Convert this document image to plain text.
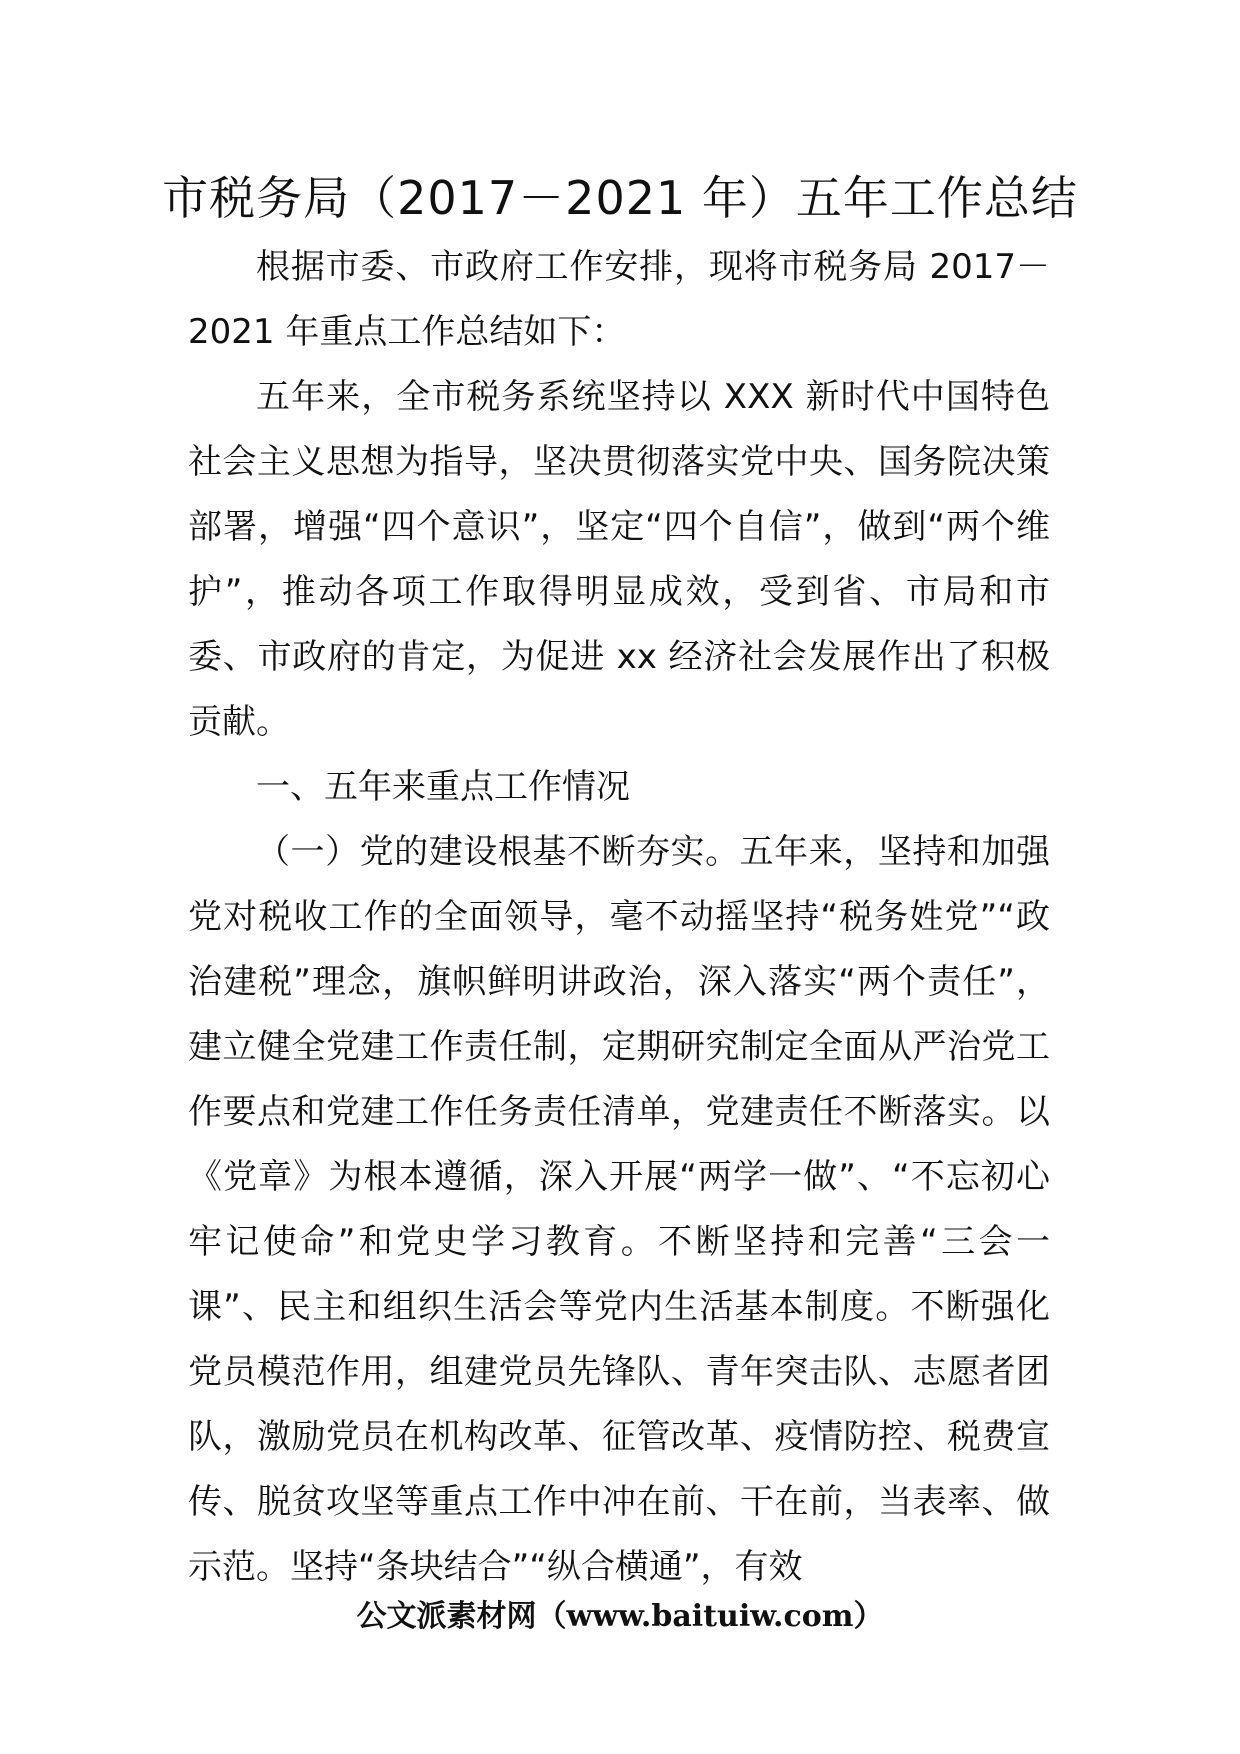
市税务局（2017－2021 年）五年工作总结

根据市委、市政府工作安排，现将市税务局 2017－2021 年重点工作总结如下：

五年来，全市税务系统坚持以 XXX 新时代中国特色社会主义思想为指导，坚决贯彻落实党中央、国务院决策部署，增强“四个意识”，坚定“四个自信”，做到“两个维护”，推动各项工作取得明显成效，受到省、市局和市委、市政府的肯定，为促进 xx 经济社会发展作出了积极贡献。

一、五年来重点工作情况

（一）党的建设根基不断夯实。五年来，坚持和加强党对税收工作的全面领导，毫不动摇坚持“税务姓党”“政治建税”理念，旗帜鲜明讲政治，深入落实“两个责任”，建立健全党建工作责任制，定期研究制定全面从严治党工作要点和党建工作任务责任清单，党建责任不断落实。以《党章》为根本遵循，深入开展“两学一做”、“不忘初心牢记使命”和党史学习教育。不断坚持和完善“三会一课”、民主和组织生活会等党内生活基本制度。不断强化党员模范作用，组建党员先锋队、青年突击队、志愿者团队，激励党员在机构改革、征管改革、疫情防控、税费宣传、脱贫攻坚等重点工作中冲在前、干在前，当表率、做示范。坚持“条块结合”“纵合横通”，有效

公文派素材网（www.baituiw.com）
